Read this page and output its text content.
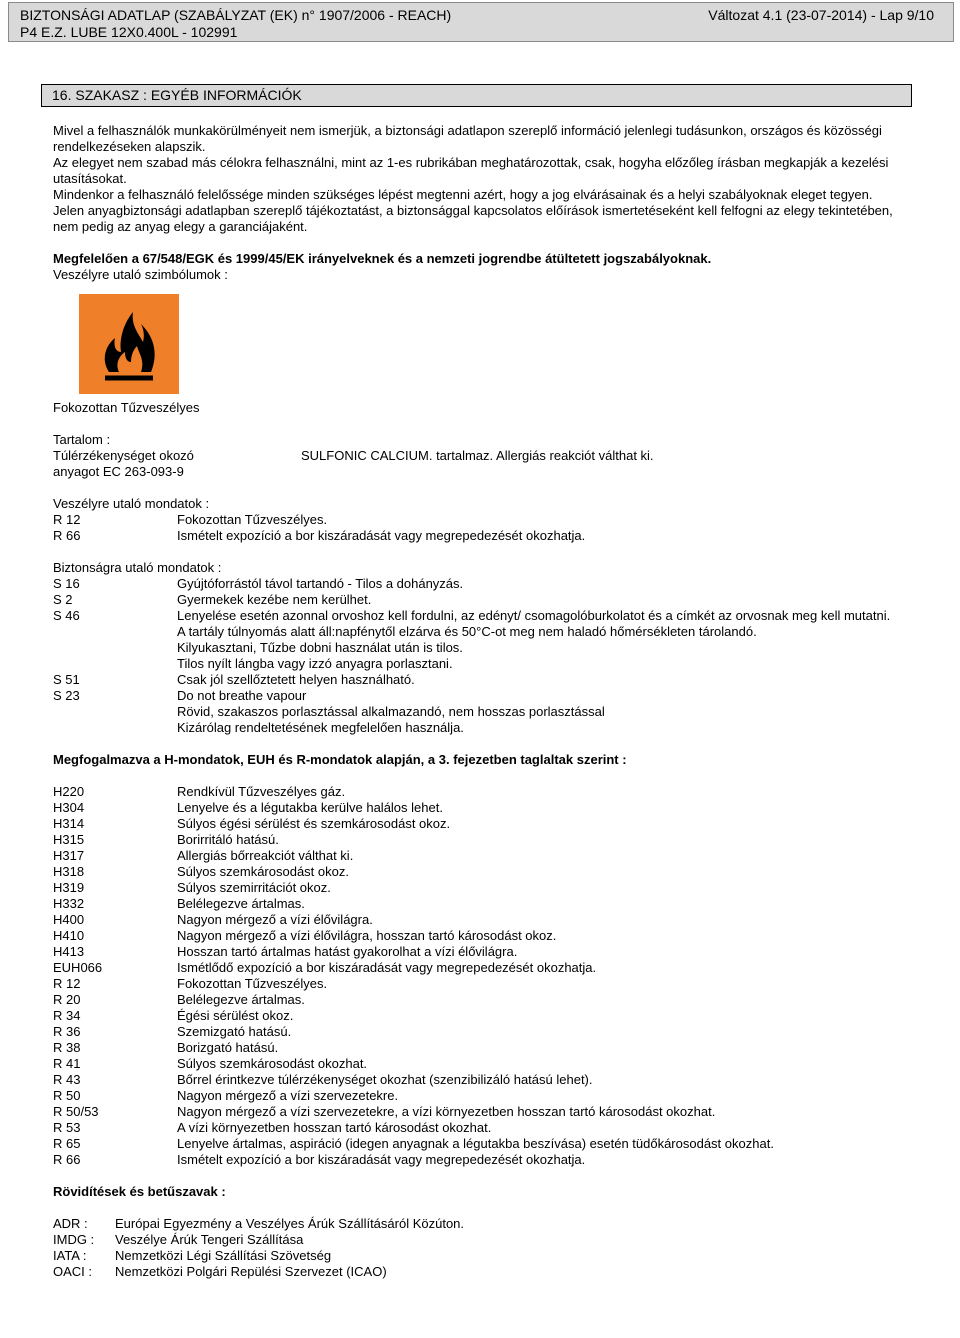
BIZTONSÁGI ADATLAP (SZABÁLYZAT (EK) n° 1907/2006 - REACH)
P4 E.Z. LUBE 12X0.400L - 102991
Változat 4.1 (23-07-2014) - Lap 9/10
16. SZAKASZ : EGYÉB INFORMÁCIÓK

Mivel a felhasználók munkakörülményeit nem ismerjük, a biztonsági adatlapon szereplő információ jelenlegi tudásunkon, országos és közösségi rendelkezéseken alapszik.

Az elegyet nem szabad más célokra felhasználni, mint az 1-es rubrikában meghatározottak, csak, hogyha előzőleg írásban megkapják a kezelési utasításokat.

Mindenkor a felhasználó felelőssége minden szükséges lépést megtenni azért, hogy a jog elvárásainak és a helyi szabályoknak eleget tegyen.

Jelen anyagbiztonsági adatlapban szereplő tájékoztatást, a biztonsággal kapcsolatos előírások ismertetéseként kell felfogni az elegy tekintetében, nem pedig az anyag elegy a garanciájaként.

Megfelelően a 67/548/EGK és 1999/45/EK irányelveknek és a nemzeti jogrendbe átültetett jogszabályoknak.

Veszélyre utaló szimbólumok :

Fokozottan Tűzveszélyes

Tartalom :

Túlérzékenységet okozó

anyagot EC 263-093-9

SULFONIC CALCIUM. tartalmaz. Allergiás reakciót válthat ki.

Veszélyre utaló mondatok :

R 12	Fokozottan Tűzveszélyes.
R 66	Ismételt expozíció a bor kiszáradását vagy megrepedezését okozhatja.

Biztonságra utaló mondatok :

S 16	Gyújtóforrástól távol tartandó - Tilos a dohányzás.
S 2	Gyermekek kezébe nem kerülhet.
S 46	Lenyelése esetén azonnal orvoshoz kell fordulni, az edényt/ csomagolóburkolatot és a címkét az orvosnak meg kell mutatni.
A tartály túlnyomás alatt áll:napfénytől elzárva és 50°C-ot meg nem haladó hőmérsékleten tárolandó.
Kilyukasztani, Tűzbe dobni használat után is tilos.
Tilos nyílt lángba vagy izzó anyagra porlasztani.
S 51	Csak jól szellőztetett helyen használható.
S 23	Do not breathe vapour
Rövid, szakaszos porlasztással alkalmazandó, nem hosszas porlasztással
Kizárólag rendeltetésének megfelelően használja.

Megfogalmazva a H-mondatok, EUH és R-mondatok alapján, a 3. fejezetben taglaltak szerint :

H220	Rendkívül Tűzveszélyes gáz.
H304	Lenyelve és a légutakba kerülve halálos lehet.
H314	Súlyos égési sérülést és szemkárosodást okoz.
H315	Borirritáló hatású.
H317	Allergiás bőrreakciót válthat ki.
H318	Súlyos szemkárosodást okoz.
H319	Súlyos szemirritációt okoz.
H332	Belélegezve ártalmas.
H400	Nagyon mérgező a vízi élővilágra.
H410	Nagyon mérgező a vízi élővilágra, hosszan tartó károsodást okoz.
H413	Hosszan tartó ártalmas hatást gyakorolhat a vízi élővilágra.
EUH066	Ismétlődő expozíció a bor kiszáradását vagy megrepedezését okozhatja.
R 12	Fokozottan Tűzveszélyes.
R 20	Belélegezve ártalmas.
R 34	Égési sérülést okoz.
R 36	Szemizgató hatású.
R 38	Borizgató hatású.
R 41	Súlyos szemkárosodást okozhat.
R 43	Bőrrel érintkezve túlérzékenységet okozhat (szenzibilizáló hatású lehet).
R 50	Nagyon mérgező a vízi szervezetekre.
R 50/53	Nagyon mérgező a vízi szervezetekre, a vízi környezetben hosszan tartó károsodást okozhat.
R 53	A vízi környezetben hosszan tartó károsodást okozhat.
R 65	Lenyelve ártalmas, aspiráció (idegen anyagnak a légutakba beszívása) esetén tüdőkárosodást okozhat.
R 66	Ismételt expozíció a bor kiszáradását vagy megrepedezését okozhatja.

Rövidítések és betűszavak :

ADR :	Európai Egyezmény a Veszélyes Árúk Szállításáról Közúton.
IMDG :	Veszélye Árúk Tengeri Szállítása
IATA :	Nemzetközi Légi Szállítási Szövetség
OACI :	Nemzetközi Polgári Repülési Szervezet (ICAO)
